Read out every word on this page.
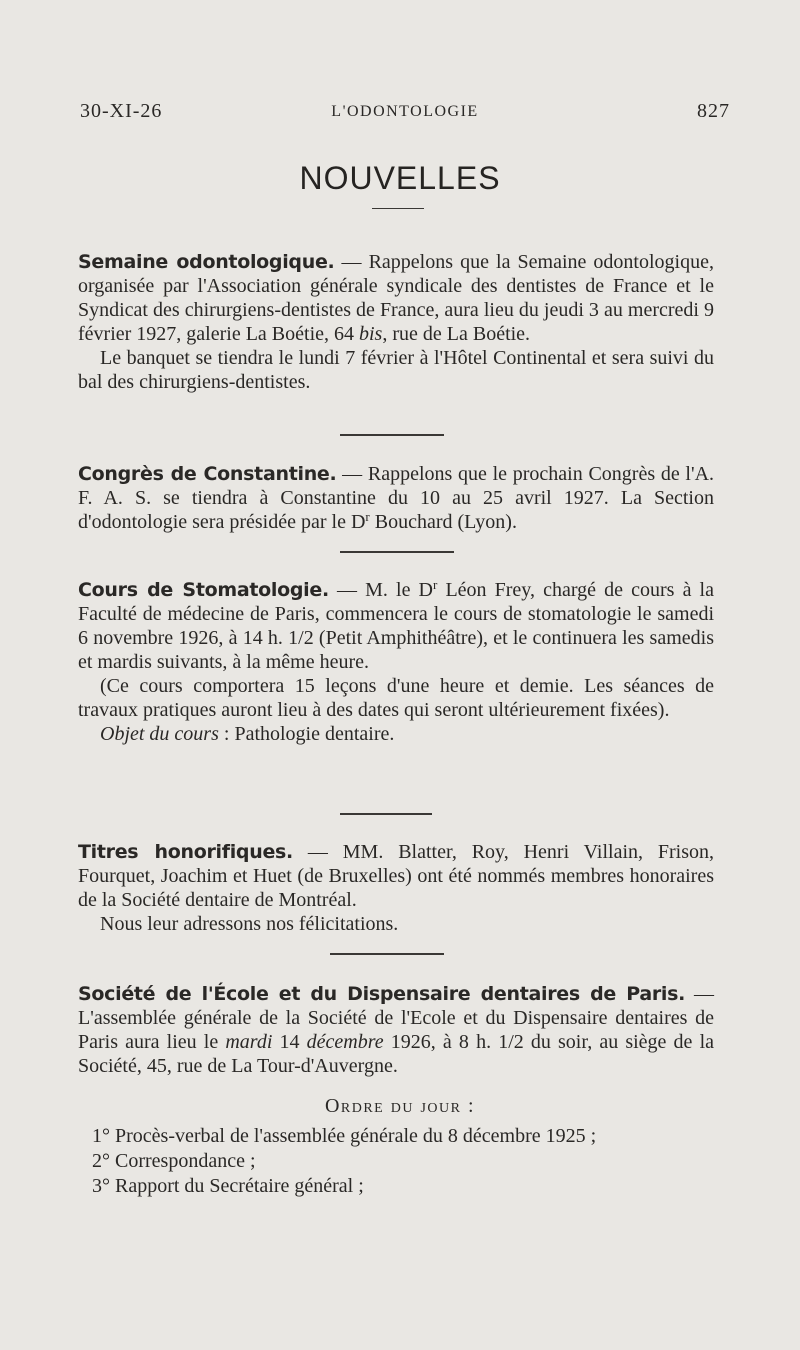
30-XI-26	L'ODONTOLOGIE	827
NOUVELLES
Semaine odontologique. — Rappelons que la Semaine odontologique, organisée par l'Association générale syndicale des dentistes de France et le Syndicat des chirurgiens-dentistes de France, aura lieu du jeudi 3 au mercredi 9 février 1927, galerie La Boétie, 64 bis, rue de La Boétie.
Le banquet se tiendra le lundi 7 février à l'Hôtel Continental et sera suivi du bal des chirurgiens-dentistes.
Congrès de Constantine. — Rappelons que le prochain Congrès de l'A. F. A. S. se tiendra à Constantine du 10 au 25 avril 1927. La Section d'odontologie sera présidée par le $D^r$ Bouchard (Lyon).
Cours de Stomatologie. — M. le $D^r$ Léon Frey, chargé de cours à la Faculté de médecine de Paris, commencera le cours de stomatologie le samedi 6 novembre 1926, à 14 h. 1/2 (Petit Amphithéâtre), et le continuera les samedis et mardis suivants, à la même heure.
(Ce cours comportera 15 leçons d'une heure et demie. Les séances de travaux pratiques auront lieu à des dates qui seront ultérieurement fixées).
Objet du cours : Pathologie dentaire.
Titres honorifiques. — MM. Blatter, Roy, Henri Villain, Frison, Fourquet, Joachim et Huet (de Bruxelles) ont été nommés membres honoraires de la Société dentaire de Montréal.
Nous leur adressons nos félicitations.
Société de l'École et du Dispensaire dentaires de Paris. — L'assemblée générale de la Société de l'Ecole et du Dispensaire dentaires de Paris aura lieu le mardi 14 décembre 1926, à 8 h. 1/2 du soir, au siège de la Société, 45, rue de La Tour-d'Auvergne.
Ordre du jour :
1° Procès-verbal de l'assemblée générale du 8 décembre 1925 ;
2° Correspondance ;
3° Rapport du Secrétaire général ;
